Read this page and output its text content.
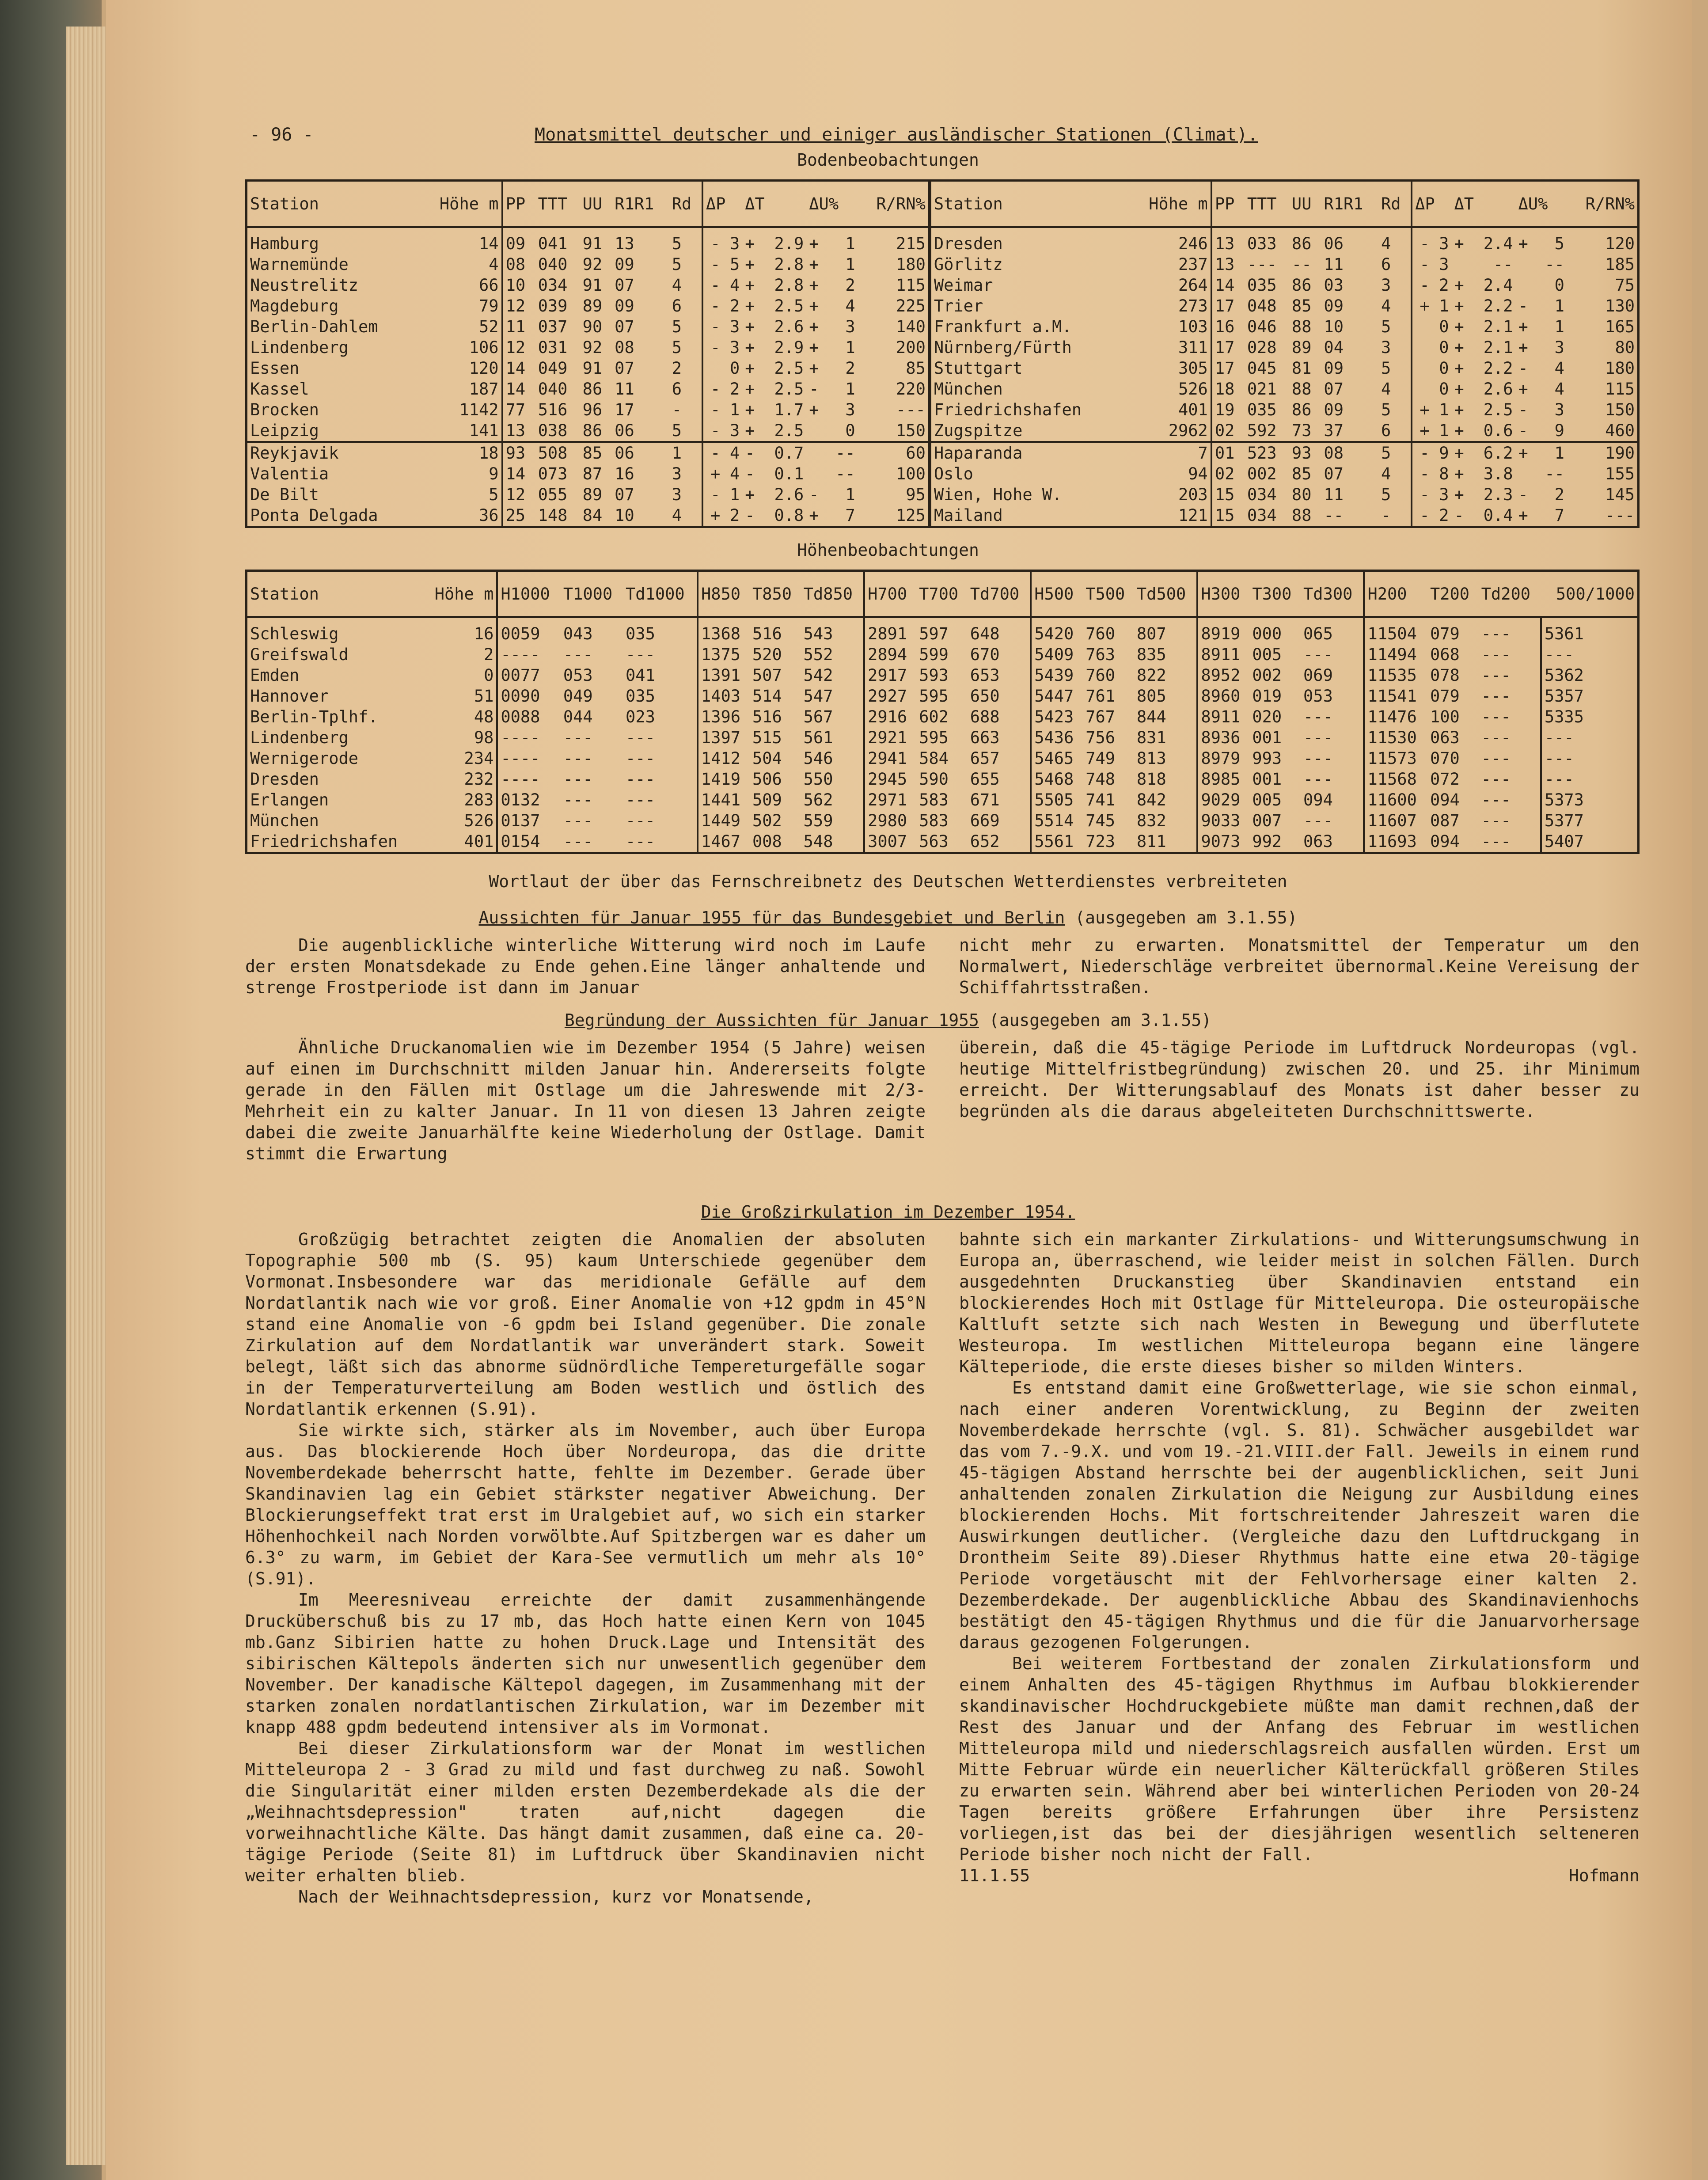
- 96 -	Monatsmittel deutscher und einiger ausländischer Stationen (Climat).
Bodenbeobachtungen
Station	Höhe m	PP	TTT	UU	R1R1	Rd	ΔP		ΔT		ΔU%		R/RN%	Station	Höhe m	PP	TTT	UU	R1R1	Rd	ΔP		ΔT		ΔU%		R/RN%
Hamburg	14	09	041	91	13	5	-	3	+	2.9	+	1	215	Dresden	246	13	033	86	06	4	-	3	+	2.4	+	5	120
Warnemünde	4	08	040	92	09	5	-	5	+	2.8	+	1	180	Görlitz	237	13	---	--	11	6	-	3		--		--	185
Neustrelitz	66	10	034	91	07	4	-	4	+	2.8	+	2	115	Weimar	264	14	035	86	03	3	-	2	+	2.4		0	75
Magdeburg	79	12	039	89	09	6	-	2	+	2.5	+	4	225	Trier	273	17	048	85	09	4	+	1	+	2.2	-	1	130
Berlin-Dahlem	52	11	037	90	07	5	-	3	+	2.6	+	3	140	Frankfurt a.M.	103	16	046	88	10	5		0	+	2.1	+	1	165
Lindenberg	106	12	031	92	08	5	-	3	+	2.9	+	1	200	Nürnberg/Fürth	311	17	028	89	04	3		0	+	2.1	+	3	80
Essen	120	14	049	91	07	2		0	+	2.5	+	2	85	Stuttgart	305	17	045	81	09	5		0	+	2.2	-	4	180
Kassel	187	14	040	86	11	6	-	2	+	2.5	-	1	220	München	526	18	021	88	07	4		0	+	2.6	+	4	115
Brocken	1142	77	516	96	17	-	-	1	+	1.7	+	3	---	Friedrichshafen	401	19	035	86	09	5	+	1	+	2.5	-	3	150
Leipzig	141	13	038	86	06	5	-	3	+	2.5		0	150	Zugspitze	2962	02	592	73	37	6	+	1	+	0.6	-	9	460
Reykjavik	18	93	508	85	06	1	-	4	-	0.7		--	60	Haparanda	7	01	523	93	08	5	-	9	+	6.2	+	1	190
Valentia	9	14	073	87	16	3	+	4	-	0.1		--	100	Oslo	94	02	002	85	07	4	-	8	+	3.8		--	155
De Bilt	5	12	055	89	07	3	-	1	+	2.6	-	1	95	Wien, Hohe W.	203	15	034	80	11	5	-	3	+	2.3	-	2	145
Ponta Delgada	36	25	148	84	10	4	+	2	-	0.8	+	7	125	Mailand	121	15	034	88	--	-	-	2	-	0.4	+	7	---
Höhenbeobachtungen
Station	Höhe m	H1000	T1000	Td1000	H850	T850	Td850	H700	T700	Td700	H500	T500	Td500	H300	T300	Td300	H200	T200	Td200	500/1000
Schleswig	16	0059	043	035	1368	516	543	2891	597	648	5420	760	807	8919	000	065	11504	079	---	5361
Greifswald	2	----	---	---	1375	520	552	2894	599	670	5409	763	835	8911	005	---	11494	068	---	---
Emden	0	0077	053	041	1391	507	542	2917	593	653	5439	760	822	8952	002	069	11535	078	---	5362
Hannover	51	0090	049	035	1403	514	547	2927	595	650	5447	761	805	8960	019	053	11541	079	---	5357
Berlin-Tplhf.	48	0088	044	023	1396	516	567	2916	602	688	5423	767	844	8911	020	---	11476	100	---	5335
Lindenberg	98	----	---	---	1397	515	561	2921	595	663	5436	756	831	8936	001	---	11530	063	---	---
Wernigerode	234	----	---	---	1412	504	546	2941	584	657	5465	749	813	8979	993	---	11573	070	---	---
Dresden	232	----	---	---	1419	506	550	2945	590	655	5468	748	818	8985	001	---	11568	072	---	---
Erlangen	283	0132	---	---	1441	509	562	2971	583	671	5505	741	842	9029	005	094	11600	094	---	5373
München	526	0137	---	---	1449	502	559	2980	583	669	5514	745	832	9033	007	---	11607	087	---	5377
Friedrichshafen	401	0154	---	---	1467	008	548	3007	563	652	5561	723	811	9073	992	063	11693	094	---	5407
Wortlaut der über das Fernschreibnetz des Deutschen Wetterdienstes verbreiteten
Aussichten für Januar 1955 für das Bundesgebiet und Berlin (ausgegeben am 3.1.55)

Die augenblickliche winterliche Witterung wird noch im Laufe der ersten Monatsdekade zu Ende gehen.Eine länger anhaltende und strenge Frostperiode ist dann im Januar

nicht mehr zu erwarten. Monatsmittel der Temperatur um den Normalwert, Niederschläge verbreitet übernormal.Keine Vereisung der Schiffahrtsstraßen.

Begründung der Aussichten für Januar 1955 (ausgegeben am 3.1.55)

Ähnliche Druckanomalien wie im Dezember 1954 (5 Jahre) weisen auf einen im Durchschnitt milden Januar hin. Andererseits folgte gerade in den Fällen mit Ostlage um die Jahreswende mit 2/3-Mehrheit ein zu kalter Januar. In 11 von diesen 13 Jahren zeigte dabei die zweite Januarhälfte keine Wiederholung der Ostlage. Damit stimmt die Erwartung

überein, daß die 45-tägige Periode im Luftdruck Nordeuropas (vgl. heutige Mittelfristbegründung) zwischen 20. und 25. ihr Minimum erreicht. Der Witterungsablauf des Monats ist daher besser zu begründen als die daraus abgeleiteten Durchschnittswerte.

Die Großzirkulation im Dezember 1954.

Großzügig betrachtet zeigten die Anomalien der absoluten Topographie 500 mb (S. 95) kaum Unterschiede gegenüber dem Vormonat.Insbesondere war das meridionale Gefälle auf dem Nordatlantik nach wie vor groß. Einer Anomalie von +12 gpdm in 45°N stand eine Anomalie von -6 gpdm bei Island gegenüber. Die zonale Zirkulation auf dem Nordatlantik war unverändert stark. Soweit belegt, läßt sich das abnorme südnördliche Tempereturgefälle sogar in der Temperaturverteilung am Boden westlich und östlich des Nordatlantik erkennen (S.91).

Sie wirkte sich, stärker als im November, auch über Europa aus. Das blockierende Hoch über Nordeuropa, das die dritte Novemberdekade beherrscht hatte, fehlte im Dezember. Gerade über Skandinavien lag ein Gebiet stärkster negativer Abweichung. Der Blockierungseffekt trat erst im Uralgebiet auf, wo sich ein starker Höhenhochkeil nach Norden vorwölbte.Auf Spitzbergen war es daher um 6.3° zu warm, im Gebiet der Kara-See vermutlich um mehr als 10° (S.91).

Im Meeresniveau erreichte der damit zusammenhängende Drucküberschuß bis zu 17 mb, das Hoch hatte einen Kern von 1045 mb.Ganz Sibirien hatte zu hohen Druck.Lage und Intensität des sibirischen Kältepols änderten sich nur unwesentlich gegenüber dem November. Der kanadische Kältepol dagegen, im Zusammenhang mit der starken zonalen nordatlantischen Zirkulation, war im Dezember mit knapp 488 gpdm bedeutend intensiver als im Vormonat.

Bei dieser Zirkulationsform war der Monat im westlichen Mitteleuropa 2 - 3 Grad zu mild und fast durchweg zu naß. Sowohl die Singularität einer milden ersten Dezemberdekade als die der „Weihnachtsdepression" traten auf,nicht dagegen die vorweihnachtliche Kälte. Das hängt damit zusammen, daß eine ca. 20-tägige Periode (Seite 81) im Luftdruck über Skandinavien nicht weiter erhalten blieb.

Nach der Weihnachtsdepression, kurz vor Monatsende,

bahnte sich ein markanter Zirkulations- und Witterungsumschwung in Europa an, überraschend, wie leider meist in solchen Fällen. Durch ausgedehnten Druckanstieg über Skandinavien entstand ein blockierendes Hoch mit Ostlage für Mitteleuropa. Die osteuropäische Kaltluft setzte sich nach Westen in Bewegung und überflutete Westeuropa. Im westlichen Mitteleuropa begann eine längere Kälteperiode, die erste dieses bisher so milden Winters.

Es entstand damit eine Großwetterlage, wie sie schon einmal, nach einer anderen Vorentwicklung, zu Beginn der zweiten Novemberdekade herrschte (vgl. S. 81). Schwächer ausgebildet war das vom 7.-9.X. und vom 19.-21.VIII.der Fall. Jeweils in einem rund 45-tägigen Abstand herrschte bei der augenblicklichen, seit Juni anhaltenden zonalen Zirkulation die Neigung zur Ausbildung eines blockierenden Hochs. Mit fortschreitender Jahreszeit waren die Auswirkungen deutlicher. (Vergleiche dazu den Luftdruckgang in Drontheim Seite 89).Dieser Rhythmus hatte eine etwa 20-tägige Periode vorgetäuscht mit der Fehlvorhersage einer kalten 2. Dezemberdekade. Der augenblickliche Abbau des Skandinavienhochs bestätigt den 45-tägigen Rhythmus und die für die Januarvorhersage daraus gezogenen Folgerungen.

Bei weiterem Fortbestand der zonalen Zirkulationsform und einem Anhalten des 45-tägigen Rhythmus im Aufbau blokkierender skandinavischer Hochdruckgebiete müßte man damit rechnen,daß der Rest des Januar und der Anfang des Februar im westlichen Mitteleuropa mild und niederschlagsreich ausfallen würden. Erst um Mitte Februar würde ein neuerlicher Kälterückfall größeren Stiles zu erwarten sein. Während aber bei winterlichen Perioden von 20-24 Tagen bereits größere Erfahrungen über ihre Persistenz vorliegen,ist das bei der diesjährigen wesentlich selteneren Periode bisher noch nicht der Fall.

11.1.55	Hofmann
